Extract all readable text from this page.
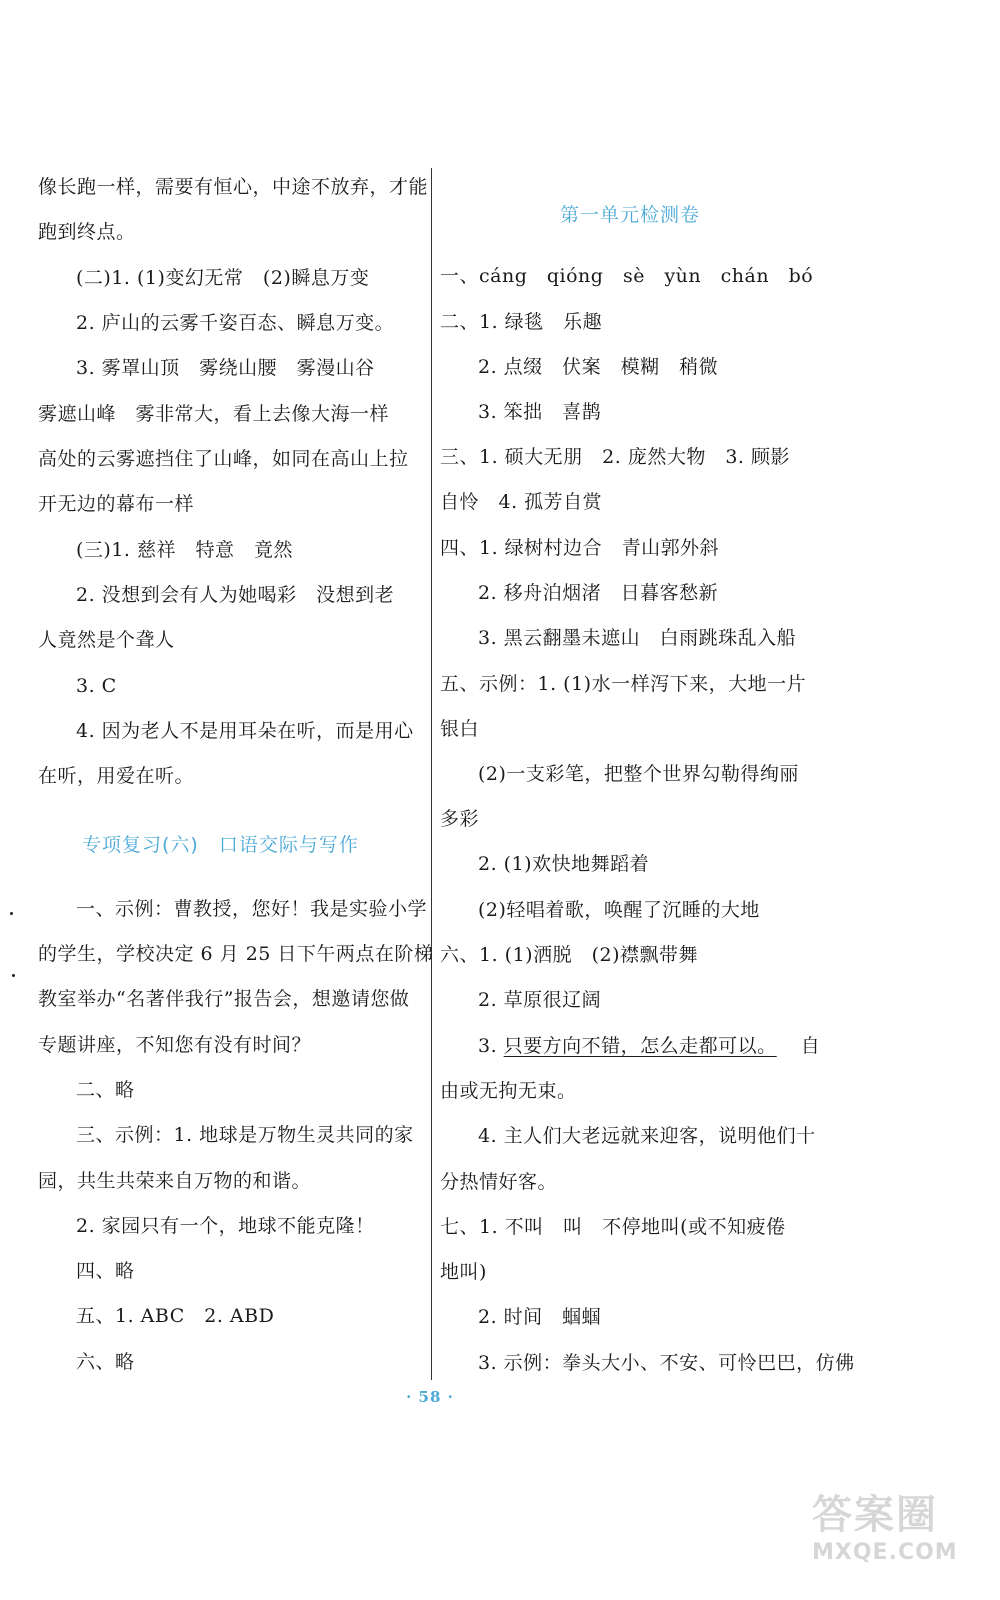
像长跑一样，需要有恒心，中途不放弃，才能
跑到终点。
(二)1. (1)变幻无常　(2)瞬息万变
2. 庐山的云雾千姿百态、瞬息万变。
3. 雾罩山顶　雾绕山腰　雾漫山谷
雾遮山峰　雾非常大，看上去像大海一样
高处的云雾遮挡住了山峰，如同在高山上拉
开无边的幕布一样
(三)1. 慈祥　特意　竟然
2. 没想到会有人为她喝彩　没想到老
人竟然是个聋人
3. C
4. 因为老人不是用耳朵在听，而是用心
在听，用爱在听。
专项复习(六)　口语交际与写作
一、示例：曹教授，您好！我是实验小学
的学生，学校决定 6 月 25 日下午两点在阶梯
教室举办“名著伴我行”报告会，想邀请您做
专题讲座，不知您有没有时间？
二、略
三、示例：1. 地球是万物生灵共同的家
园，共生共荣来自万物的和谐。
2. 家园只有一个，地球不能克隆！
四、略
五、1. ABC　2. ABD
六、略
第一单元检测卷
一、cáng　qióng　sè　yùn　chán　bó
二、1. 绿毯　乐趣
2. 点缀　伏案　模糊　稍微
3. 笨拙　喜鹊
三、1. 硕大无朋　2. 庞然大物　3. 顾影
自怜　4. 孤芳自赏
四、1. 绿树村边合　青山郭外斜
2. 移舟泊烟渚　日暮客愁新
3. 黑云翻墨未遮山　白雨跳珠乱入船
五、示例：1. (1)水一样泻下来，大地一片
银白
(2)一支彩笔，把整个世界勾勒得绚丽
多彩
2. (1)欢快地舞蹈着
(2)轻唱着歌，唤醒了沉睡的大地
六、1. (1)洒脱　(2)襟飘带舞
2. 草原很辽阔
3. 只要方向不错，怎么走都可以。 自
由或无拘无束。
4. 主人们大老远就来迎客，说明他们十
分热情好客。
七、1. 不叫　叫　不停地叫(或不知疲倦
地叫)
2. 时间　蝈蝈
3. 示例：拳头大小、不安、可怜巴巴，仿佛
· 58 ·
答案圈
MXQE.COM
